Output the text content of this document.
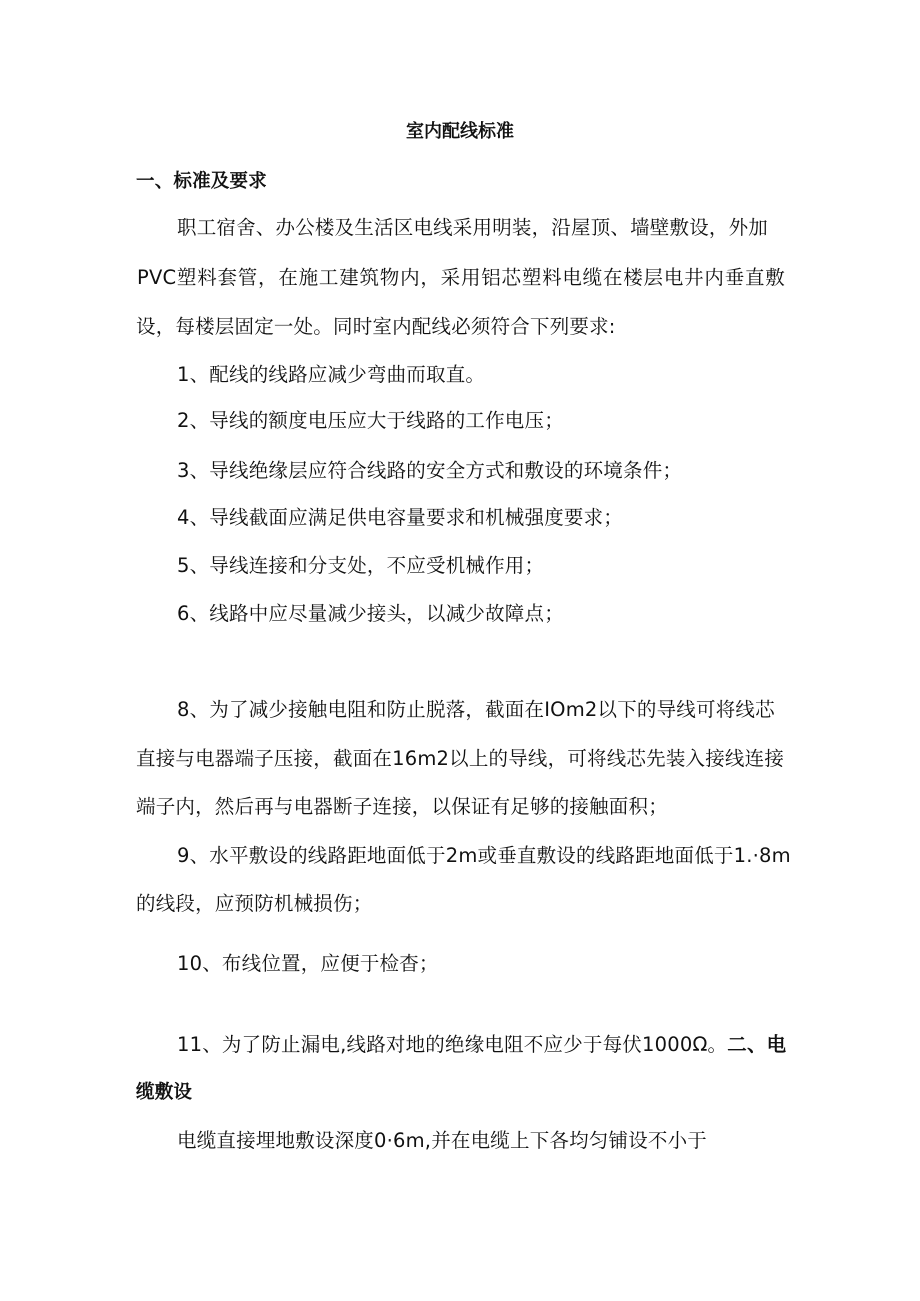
室内配线标准
一、标准及要求
职工宿舍、办公楼及生活区电线采用明装，沿屋顶、墙壁敷设，外加
PVC塑料套管，在施工建筑物内，采用铝芯塑料电缆在楼层电井内垂直敷
设，每楼层固定一处。同时室内配线必须符合下列要求:
1、配线的线路应减少弯曲而取直。
2、导线的额度电压应大于线路的工作电压；
3、导线绝缘层应符合线路的安全方式和敷设的环境条件；
4、导线截面应满足供电容量要求和机械强度要求；
5、导线连接和分支处，不应受机械作用；
6、线路中应尽量减少接头，以减少故障点；
8、为了减少接触电阻和防止脱落，截面在IOm2以下的导线可将线芯
直接与电器端子压接，截面在16m2以上的导线，可将线芯先装入接线连接
端子内，然后再与电器断子连接，以保证有足够的接触面积；
9、水平敷设的线路距地面低于2m或垂直敷设的线路距地面低于1.·8m
的线段，应预防机械损伤；
10、布线位置，应便于检杳；
11、为了防止漏电,线路对地的绝缘电阻不应少于每伏1000Ω。二、电
缆敷设
电缆直接埋地敷设深度0·6m,并在电缆上下各均匀铺设不小于
